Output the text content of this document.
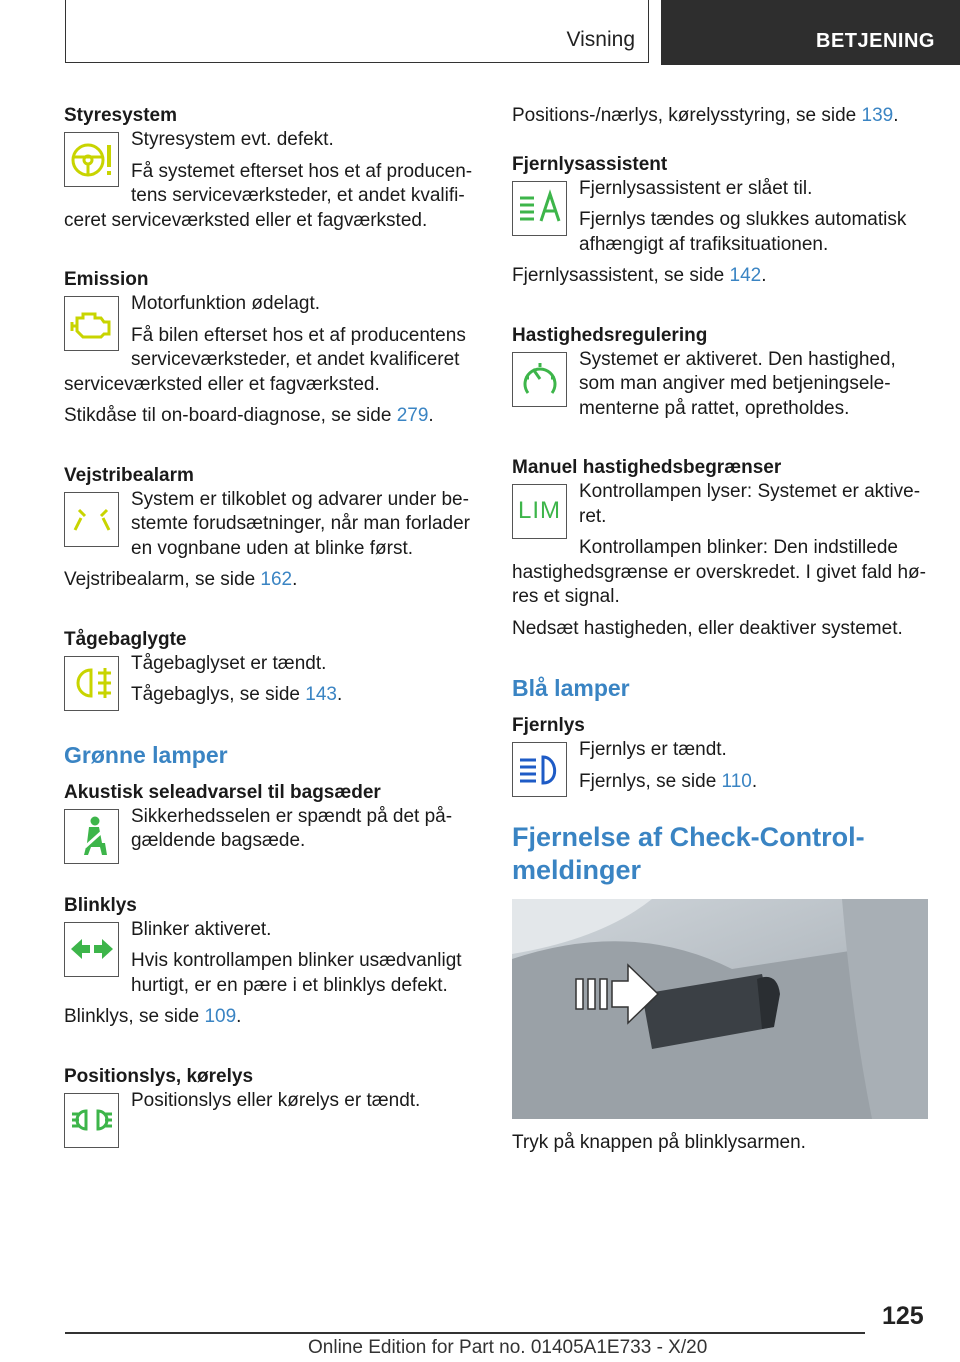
Visning	BETJENING
Styresystem

Styresystem evt. defekt.

Få systemet efterset hos et af producen-tens serviceværksteder, et andet kvalifi-ceret serviceværksted eller et fagværksted.

Emission

Motorfunktion ødelagt.

Få bilen efterset hos et af producentens serviceværksteder, et andet kvalificeret serviceværksted eller et fagværksted.

Stikdåse til on-board-diagnose, se side 279.

Vejstribealarm

System er tilkoblet og advarer under be-stemte forudsætninger, når man forlader en vognbane uden at blinke først.

Vejstribealarm, se side 162.

Tågebaglygte

Tågebaglyset er tændt.

Tågebaglys, se side 143.

Grønne lamper
Akustisk seleadvarsel til bagsæder

Sikkerhedsselen er spændt på det på-gældende bagsæde.

Blinklys

Blinker aktiveret.

Hvis kontrollampen blinker usædvanligt hurtigt, er en pære i et blinklys defekt.

Blinklys, se side 109.

Positionslys, kørelys

Positionslys eller kørelys er tændt.

Positions-/nærlys, kørelysstyring, se side 139.

Fjernlysassistent

Fjernlysassistent er slået til.

Fjernlys tændes og slukkes automatisk afhængigt af trafiksituationen.

Fjernlysassistent, se side 142.

Hastighedsregulering

Systemet er aktiveret. Den hastighed, som man angiver med betjeningsele-menterne på rattet, opretholdes.

Manuel hastighedsbegrænser
LIM

Kontrollampen lyser: Systemet er aktive-ret.

Kontrollampen blinker: Den indstillede hastighedsgrænse er overskredet. I givet fald hø-res et signal.

Nedsæt hastigheden, eller deaktiver systemet.

Blå lamper
Fjernlys

Fjernlys er tændt.

Fjernlys, se side 110.

Fjernelse af Check-Control-meldinger

Tryk på knappen på blinklysarmen.

125
Online Edition for Part no. 01405A1E733 - X/20
